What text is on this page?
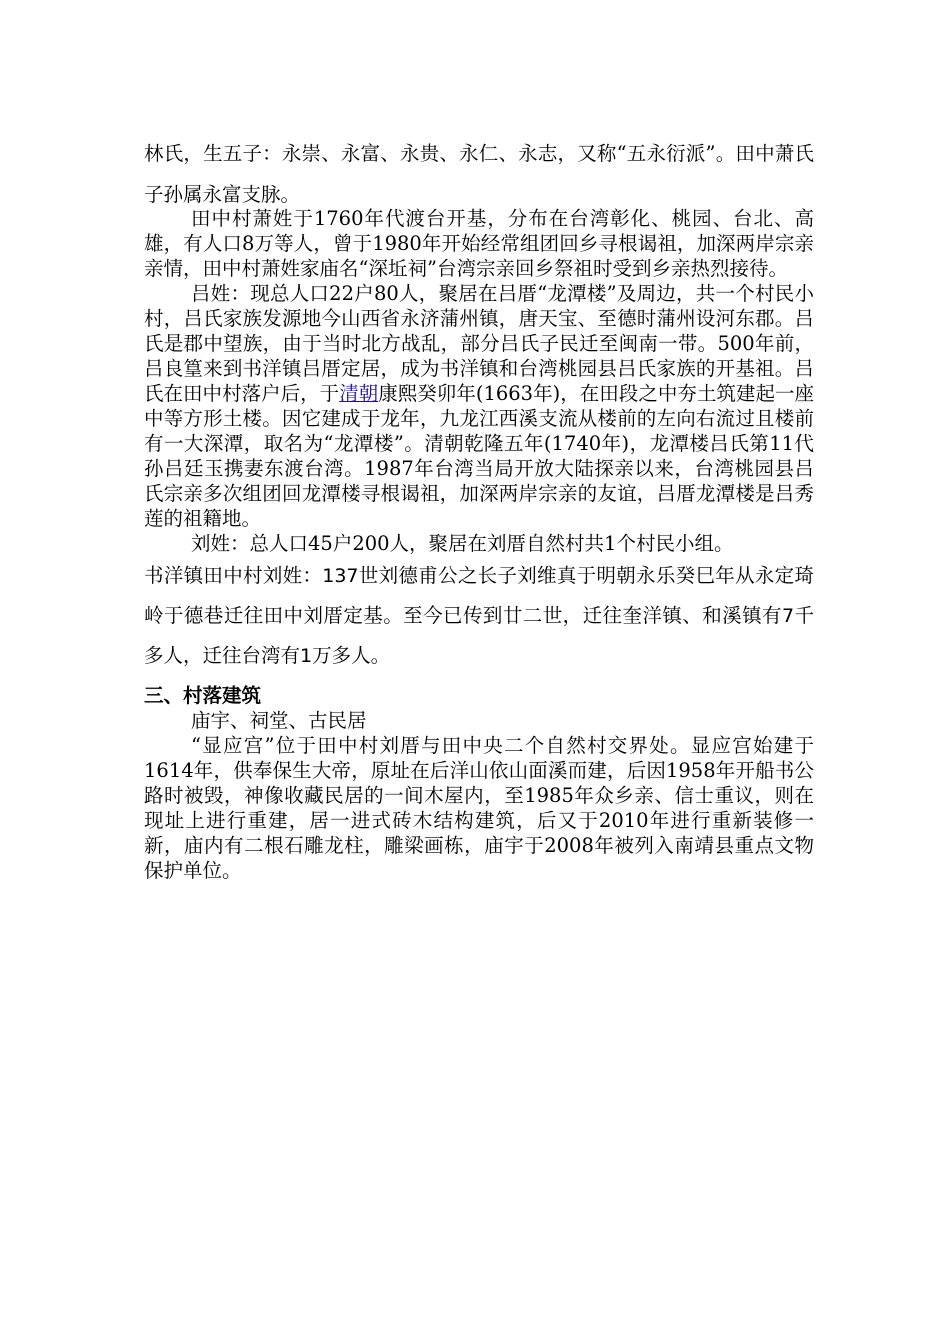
林氏，生五子：永崇、永富、永贵、永仁、永志，又称“五永衍派”。田中萧氏子孙属永富支脉。

田中村萧姓于1760年代渡台开基，分布在台湾彰化、桃园、台北、高雄，有人口8万等人，曾于1980年开始经常组团回乡寻根谒祖，加深两岸宗亲亲情，田中村萧姓家庙名“深坵祠”台湾宗亲回乡祭祖时受到乡亲热烈接待。

吕姓：现总人口22户80人，聚居在吕厝“龙潭楼”及周边，共一个村民小村，吕氏家族发源地今山西省永济蒲州镇，唐天宝、至德时蒲州设河东郡。吕氏是郡中望族，由于当时北方战乱，部分吕氏子民迁至闽南一带。500年前，吕良篁来到书洋镇吕厝定居，成为书洋镇和台湾桃园县吕氏家族的开基祖。吕氏在田中村落户后，于清朝康熙癸卯年(1663年)，在田段之中夯土筑建起一座中等方形土楼。因它建成于龙年，九龙江西溪支流从楼前的左向右流过且楼前有一大深潭，取名为“龙潭楼”。清朝乾隆五年(1740年)，龙潭楼吕氏第11代孙吕廷玉携妻东渡台湾。1987年台湾当局开放大陆探亲以来，台湾桃园县吕氏宗亲多次组团回龙潭楼寻根谒祖，加深两岸宗亲的友谊，吕厝龙潭楼是吕秀莲的祖籍地。

刘姓：总人口45户200人，聚居在刘厝自然村共1个村民小组。

书洋镇田中村刘姓：137世刘德甫公之长子刘维真于明朝永乐癸巳年从永定琦岭于德巷迁往田中刘厝定基。至今已传到廿二世，迁往奎洋镇、和溪镇有7千多人，迁往台湾有1万多人。

三、村落建筑

庙宇、祠堂、古民居

“显应宫”位于田中村刘厝与田中央二个自然村交界处。显应宫始建于1614年，供奉保生大帝，原址在后洋山依山面溪而建，后因1958年开船书公路时被毁，神像收藏民居的一间木屋内，至1985年众乡亲、信士重议，则在现址上进行重建，居一进式砖木结构建筑，后又于2010年进行重新装修一新，庙内有二根石雕龙柱，雕梁画栋，庙宇于2008年被列入南靖县重点文物保护单位。
